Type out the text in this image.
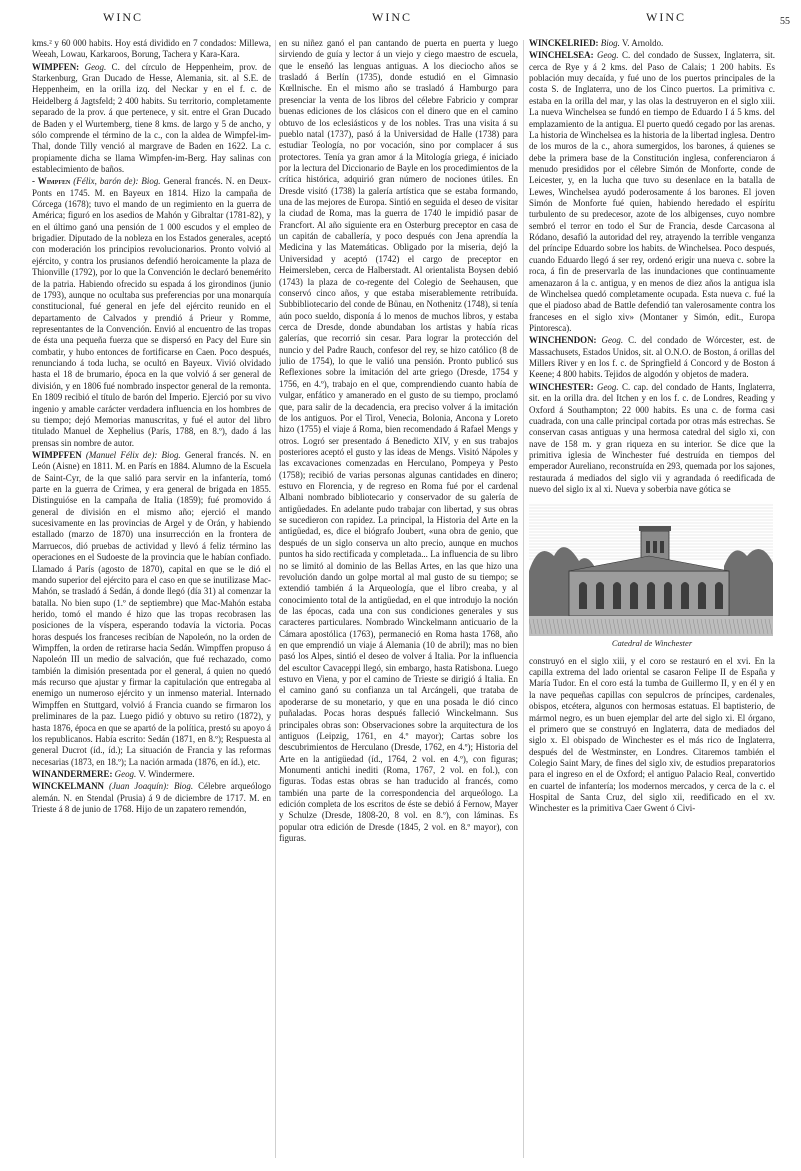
WINC	WINC	WINC	55

kms.² y 60 000 habits. Hoy está dividido en 7 condados: Millewa, Weeah, Lowau, Karkaroos, Borung, Tachera y Kara-Kara.

WIMPFEN: Geog. C. del círculo de Heppenheim, prov. de Starkenburg, Gran Ducado de Hesse, Alemania, sit. al S.E. de Heppenheim, en la orilla izq. del Neckar y en el f. c. de Heidelberg á Jagtsfeld; 2 400 habits. Su territorio, completamente separado de la prov. á que pertenece, y sit. entre el Gran Ducado de Baden y el Wurtemberg, tiene 8 kms. de largo y 5 de ancho, y sólo comprende el término de la c., con la aldea de Wimpfel-im-Thal, donde Tilly venció al margrave de Baden en 1622. La c. propiamente dicha se llama Wimpfen-im-Berg. Hay salinas con establecimiento de baños.

- Wimpfen (Félix, barón de): Biog. General francés. N. en Deux-Ponts en 1745. M. en Bayeux en 1814. Hizo la campaña de Córcega (1678); tuvo el mando de un regimiento en la guerra de América; figuró en los asedios de Mahón y Gibraltar (1781-82), y en el último ganó una pensión de 1 000 escudos y el empleo de brigadier. Diputado de la nobleza en los Estados generales, aceptó con moderación los principios revolucionarios. Pronto volvió al ejército, y contra los prusianos defendió heroicamente la plaza de Thionville (1792), por lo que la Convención le declaró benemérito de la patria. Habiendo ofrecido su espada á los girondinos (junio de 1793), aunque no ocultaba sus preferencias por una monarquía constitucional, fué general en jefe del ejército reunido en el departamento de Calvados y prendió á Prieur y Romme, representantes de la Convención. Envió al encuentro de las tropas de ésta una pequeña fuerza que se dispersó en Pacy del Eure sin combatir, y hubo entonces de fortificarse en Caen. Poco después, renunciando á toda lucha, se ocultó en Bayeux. Vivió olvidado hasta el 18 de brumario, época en la que volvió á ser general de división, y en 1806 fué nombrado inspector general de la remonta. En 1809 recibió el título de barón del Imperio. Ejerció por su vivo ingenio y amable carácter verdadera influencia en los hombres de su tiempo; dejó Memorias manuscritas, y fué el autor del libro titulado Manuel de Xephelius (París, 1788, en 8.º), dado á las prensas sin nombre de autor.

WIMPFFEN (Manuel Félix de): Biog. General francés. N. en León (Aisne) en 1811. M. en París en 1884. Alumno de la Escuela de Saint-Cyr, de la que salió para servir en la infantería, tomó parte en la guerra de Crimea, y era general de brigada en 1855. Distinguióse en la campaña de Italia (1859); fué promovido á general de división en el mismo año; ejerció el mando sucesivamente en las provincias de Argel y de Orán, y habiendo estallado (marzo de 1870) una insurrección en la frontera de Marruecos, dió pruebas de actividad y llevó á feliz término las operaciones en el Sudoeste de la provincia que le habían confiado. Llamado á París (agosto de 1870), capital en que se le dió el mando superior del ejército para el caso en que se inutilizase Mac-Mahón, se trasladó á Sedán, á donde llegó (día 31) al comenzar la batalla. No bien supo (1.º de septiembre) que Mac-Mahón estaba herido, tomó el mando é hizo que las tropas recobrasen las posiciones de la víspera, esperando todavía la victoria. Pocas horas después los franceses recibían de Napoleón, no la orden de Wimpffen, la orden de retirarse hacia Sedán. Wimpffen propuso á Napoleón III un medio de salvación, que fué rechazado, como también la dimisión presentada por el general, á quien no quedó más recurso que ajustar y firmar la capitulación que entregaba al enemigo un numeroso ejército y un inmenso material. Internado Wimpffen en Stuttgard, volvió á Francia cuando se firmaron los preliminares de la paz. Luego pidió y obtuvo su retiro (1872), y hasta 1876, época en que se apartó de la política, prestó su apoyo á los republicanos. Había escrito: Sedán (1871, en 8.º); Respuesta al general Ducrot (íd., íd.); La situación de Francia y las reformas necesarias (1873, en 18.º); La nación armada (1876, en íd.), etc.

WINANDERMERE: Geog. V. Windermere.

WINCKELMANN (Juan Joaquín): Biog. Célebre arqueólogo alemán. N. en Stendal (Prusia) á 9 de diciembre de 1717. M. en Trieste á 8 de junio de 1768. Hijo de un zapatero remendón,

en su niñez ganó el pan cantando de puerta en puerta y luego sirviendo de guía y lector á un viejo y ciego maestro de escuela, que le enseñó las lenguas antiguas. A los dieciocho años se trasladó á Berlín (1735), donde estudió en el Gimnasio Kœllnische. En el mismo año se trasladó á Hamburgo para presenciar la venta de los libros del célebre Fabricio y comprar buenas ediciones de los clásicos con el dinero que en el camino obtuvo de los eclesiásticos y de los nobles. Tras una visita á su pueblo natal (1737), pasó á la Universidad de Halle (1738) para estudiar Teología, no por vocación, sino por complacer á sus protectores. Tenía ya gran amor á la Mitología griega, é iniciado por la lectura del Diccionario de Bayle en los procedimientos de la crítica histórica, adquirió gran número de nociones útiles. En Dresde visitó (1738) la galería artística que se estaba formando, una de las mejores de Europa. Sintió en seguida el deseo de visitar la ciudad de Roma, mas la guerra de 1740 le impidió pasar de Francfort. Al año siguiente era en Osterburg preceptor en casa de un capitán de caballería, y poco después con Jena aprendía la Medicina y las Matemáticas. Obligado por la miseria, dejó la Universidad y aceptó (1742) el cargo de preceptor en Heimersleben, cerca de Halberstadt. Al orientalista Boysen debió (1743) la plaza de co-regente del Colegio de Seehausen, que conservó cinco años, y que estaba miserablemente retribuída. Subbibliotecario del conde de Bünau, en Nothenitz (1748), si tenía aún poco sueldo, disponía á lo menos de muchos libros, y estaba cerca de Dresde, donde abundaban los artistas y había ricas galerías, que recorrió sin cesar. Para lograr la protección del nuncio y del Padre Rauch, confesor del rey, se hizo católico (8 de julio de 1754), lo que le valió una pensión. Pronto publicó sus Reflexiones sobre la imitación del arte griego (Dresde, 1754 y 1756, en 4.º), trabajo en el que, comprendiendo cuanto había de vulgar, enfático y amanerado en el gusto de su tiempo, proclamó que, para salir de la decadencia, era preciso volver á la imitación de los antiguos. Por el Tirol, Venecia, Bolonia, Ancona y Loreto hizo (1755) el viaje á Roma, bien recomendado á Rafael Mengs y otros. Logró ser presentado á Benedicto XIV, y en sus trabajos posteriores aceptó el gusto y las ideas de Mengs. Visitó Nápoles y las excavaciones comenzadas en Herculano, Pompeya y Pesto (1758); recibió de varias personas algunas cantidades en dinero; estuvo en Florencia, y de regreso en Roma fué por el cardenal Albani nombrado bibliotecario y conservador de su galería de antigüedades. En adelante pudo trabajar con libertad, y sus obras se sucedieron con rapidez. La principal, la Historia del Arte en la antigüedad, es, dice el biógrafo Joubert, «una obra de genio, que después de un siglo conserva un alto precio, aunque en muchos puntos ha sido rectificada y completada... La influencia de su libro no se limitó al dominio de las Bellas Artes, en las que hizo una revolución dando un golpe mortal al mal gusto de su tiempo; se extendió también á la Arqueología, que el libro creaba, y al conocimiento total de la antigüedad, en el que introdujo la noción de las épocas, cada una con sus condiciones generales y sus caracteres particulares. Nombrado Winckelmann anticuario de la Cámara apostólica (1763), permaneció en Roma hasta 1768, año en que emprendió un viaje á Alemania (10 de abril); mas no bien pasó los Alpes, sintió el deseo de volver á Italia. Por la influencia del escultor Cavaceppi llegó, sin embargo, hasta Ratisbona. Luego estuvo en Viena, y por el camino de Trieste se dirigió á Italia. En el camino ganó su confianza un tal Arcángeli, que trataba de apoderarse de su monetario, y que en una posada le dió cinco puñaladas. Pocas horas después falleció Winckelmann. Sus principales obras son: Observaciones sobre la arquitectura de los antiguos (Leipzig, 1761, en 4.º mayor); Cartas sobre los descubrimientos de Herculano (Dresde, 1762, en 4.º); Historia del Arte en la antigüedad (íd., 1764, 2 vol. en 4.º), con figuras; Monumenti antichi inediti (Roma, 1767, 2 vol. en fol.), con figuras. Todas estas obras se han traducido al francés, como también una parte de la correspondencia del arqueólogo. La edición completa de los escritos de éste se debió á Fernow, Mayer y Schulze (Dresde, 1808-20, 8 vol. en 8.º), con láminas. Es popular otra edición de Dresde (1845, 2 vol. en 8.º mayor), con figuras.

WINCKELRIED: Biog. V. Arnoldo.

WINCHELSEA: Geog. C. del condado de Sussex, Inglaterra, sit. cerca de Rye y á 2 kms. del Paso de Calais; 1 200 habits. Es población muy decaída, y fué uno de los puertos principales de la costa S. de Inglaterra, uno de los Cinco puertos. La primitiva c. estaba en la orilla del mar, y las olas la destruyeron en el siglo xiii. La nueva Winchelsea se fundó en tiempo de Eduardo I á 5 kms. del emplazamiento de la antigua. El puerto quedó cegado por las arenas. La historia de Winchelsea es la historia de la libertad inglesa. Dentro de los muros de la c., ahora sumergidos, los barones, á quienes se debe la primera base de la Constitución inglesa, conferenciaron á menudo presididos por el célebre Simón de Monforte, conde de Leicester, y, en la lucha que tuvo su desenlace en la batalla de Lewes, Winchelsea ayudó poderosamente á los barones. El joven Simón de Monforte fué quien, habiendo heredado el espíritu turbulento de su predecesor, azote de los albigenses, cuyo nombre sembró el terror en todo el Sur de Francia, desde Carcasona al Ródano, desafió la autoridad del rey, atrayendo la terrible venganza del príncipe Eduardo sobre los habits. de Winchelsea. Poco después, cuando Eduardo llegó á ser rey, ordenó erigir una nueva c. sobre la roca, á fin de preservarla de las inundaciones que continuamente amenazaron á la c. antigua, y en menos de diez años la antigua isla de Winchelsea quedó completamente ocupada. Esta nueva c. fué la que el piadoso abad de Battle defendió tan valerosamente contra los franceses en el siglo xiv» (Montaner y Simón, edit., Europa Pintoresca).

WINCHENDON: Geog. C. del condado de Wórcester, est. de Massachusets, Estados Unidos, sit. al O.N.O. de Boston, á orillas del Millers River y en los f. c. de Springfield á Concord y de Boston á Keene; 4 800 habits. Tejidos de algodón y objetos de madera.

WINCHESTER: Geog. C. cap. del condado de Hants, Inglaterra, sit. en la orilla dra. del Itchen y en los f. c. de Londres, Reading y Oxford á Southampton; 22 000 habits. Es una c. de forma casi cuadrada, con una calle principal cortada por otras más estrechas. Se conservan casas antiguas y una hermosa catedral del siglo xi, con nave de 158 m. y gran riqueza en su interior. Se dice que la primitiva iglesia de Winchester fué destruída en tiempos del emperador Aureliano, reconstruída en 293, quemada por los sajones, restaurada á mediados del siglo vii y agrandada ó reedificada de nuevo del siglo ix al xi. Nueva y soberbia nave gótica se

Catedral de Winchester

construyó en el siglo xiii, y el coro se restauró en el xvi. En la capilla extrema del lado oriental se casaron Felipe II de España y María Tudor. En el coro está la tumba de Guillermo II, y en él y en la nave pequeñas capillas con sepulcros de príncipes, cardenales, obispos, etcétera, algunos con hermosas estatuas. El baptisterio, de mármol negro, es un buen ejemplar del arte del siglo xi. El órgano, el primero que se construyó en Inglaterra, data de mediados del siglo x. El obispado de Winchester es el más rico de Inglaterra, después del de Westminster, en Londres. Citaremos también el Colegio Saint Mary, de fines del siglo xiv, de estudios preparatorios para el ingreso en el de Oxford; el antiguo Palacio Real, convertido en cuartel de infantería; los modernos mercados, y cerca de la c. el Hospital de Santa Cruz, del siglo xii, reedificado en el xv. Winchester es la primitiva Caer Gwent ó Civi-
